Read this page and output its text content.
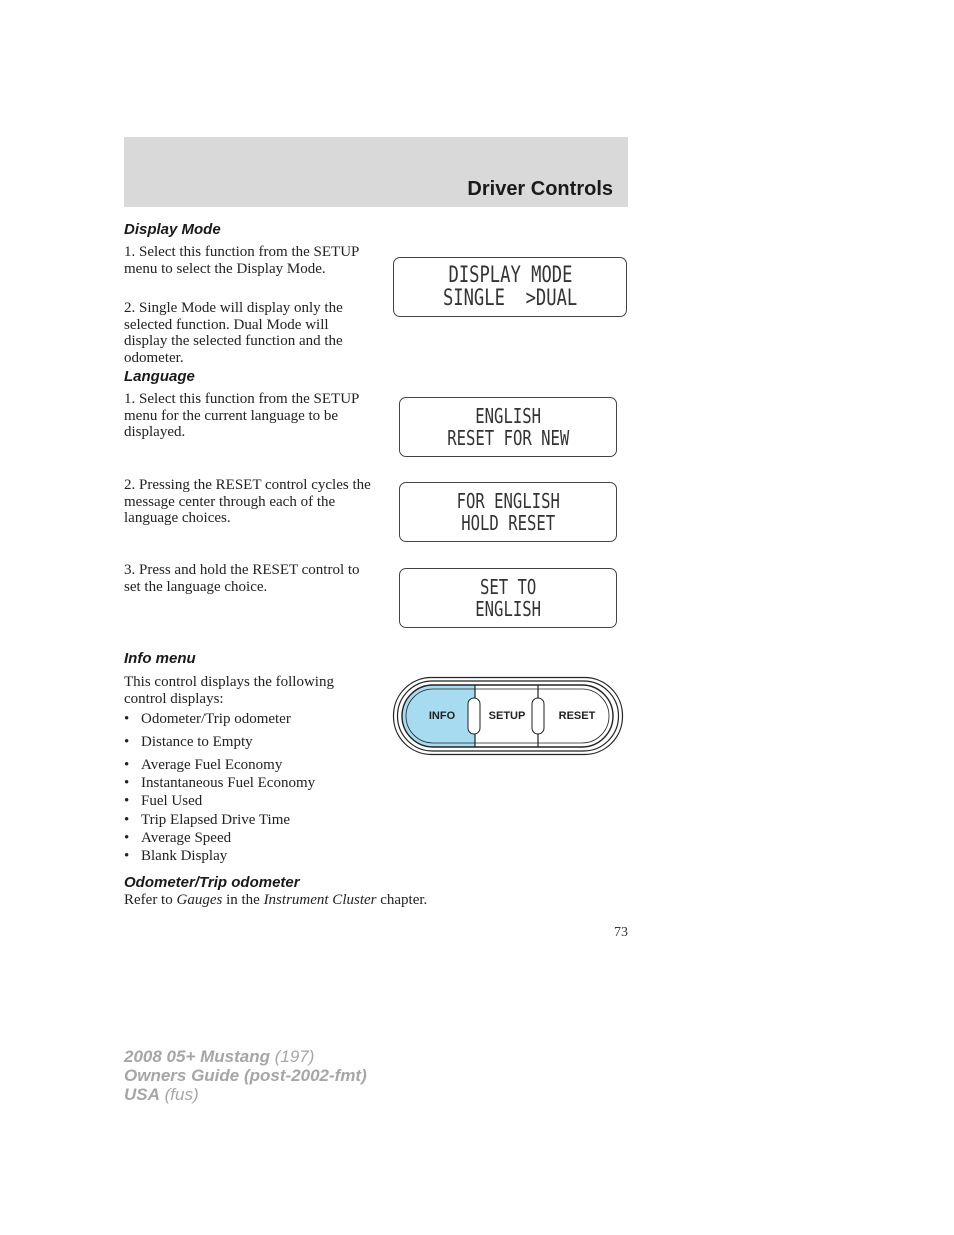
Driver Controls
Display Mode
1. Select this function from the SETUP menu to select the Display Mode.
2. Single Mode will display only the selected function. Dual Mode will display the selected function and the odometer.
DISPLAY MODE
SINGLE  >DUAL
Language
1. Select this function from the SETUP menu for the current language to be displayed.
2. Pressing the RESET control cycles the message center through each of the language choices.
3. Press and hold the RESET control to set the language choice.
ENGLISH
RESET FOR NEW
FOR ENGLISH
HOLD RESET
SET TO
ENGLISH
Info menu
This control displays the following control displays:
• Odometer/Trip odometer
• Distance to Empty
• Average Fuel Economy
• Instantaneous Fuel Economy
• Fuel Used
• Trip Elapsed Drive Time
• Average Speed
• Blank Display
INFO	SETUP	RESET
Odometer/Trip odometer
Refer to Gauges in the Instrument Cluster chapter.
73
2008 05+ Mustang (197)
Owners Guide (post-2002-fmt)
USA (fus)
